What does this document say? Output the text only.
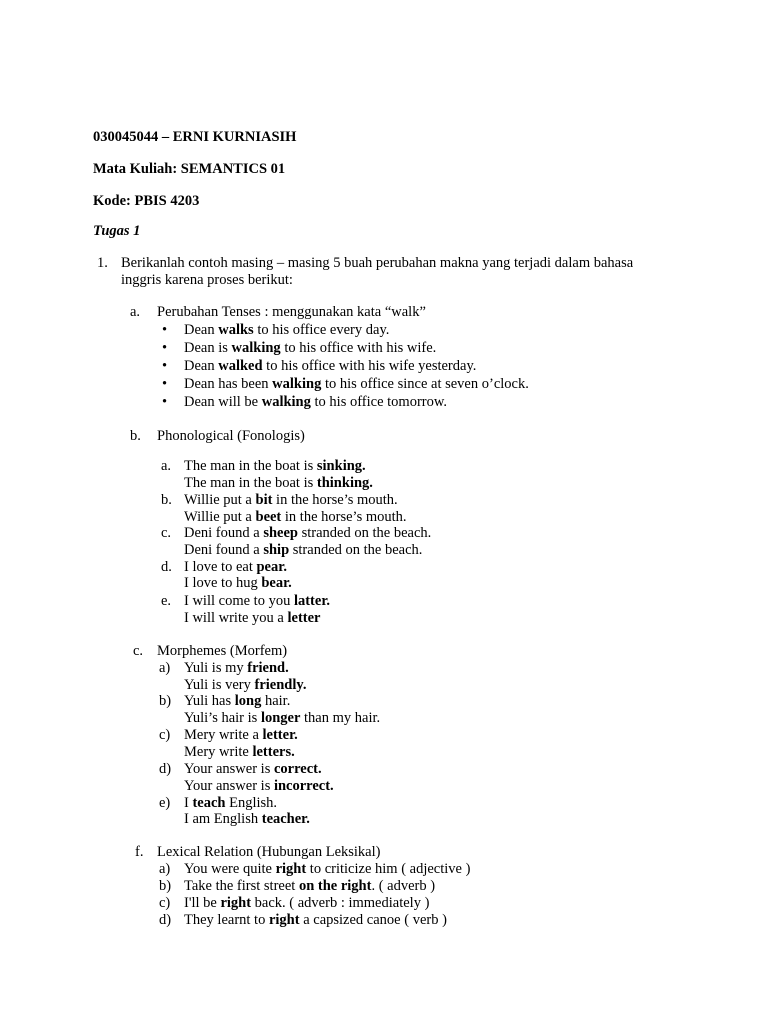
030045044 – ERNI KURNIASIH
Mata Kuliah: SEMANTICS 01
Kode: PBIS 4203
Tugas 1
1. Berikanlah contoh masing – masing 5 buah perubahan makna yang terjadi dalam bahasa
inggris karena proses berikut:
a. Perubahan Tenses : menggunakan kata “walk”
• Dean walks to his office every day.
• Dean is walking to his office with his wife.
• Dean walked to his office with his wife yesterday.
• Dean has been walking to his office since at seven o’clock.
• Dean will be walking to his office tomorrow.
b. Phonological (Fonologis)
a. The man in the boat is sinking.
The man in the boat is thinking.
b. Willie put a bit in the horse’s mouth.
Willie put a beet in the horse’s mouth.
c. Deni found a sheep stranded on the beach.
Deni found a ship stranded on the beach.
d. I love to eat pear.
I love to hug bear.
e. I will come to you latter.
I will write you a letter
c. Morphemes (Morfem)
a) Yuli is my friend.
Yuli is very friendly.
b) Yuli has long hair.
Yuli’s hair is longer than my hair.
c) Mery write a letter.
Mery write letters.
d) Your answer is correct.
Your answer is incorrect.
e) I teach English.
I am English teacher.
f. Lexical Relation (Hubungan Leksikal)
a) You were quite right to criticize him ( adjective )
b) Take the first street on the right. ( adverb )
c) I'll be right back. ( adverb : immediately )
d) They learnt to right a capsized canoe ( verb )
